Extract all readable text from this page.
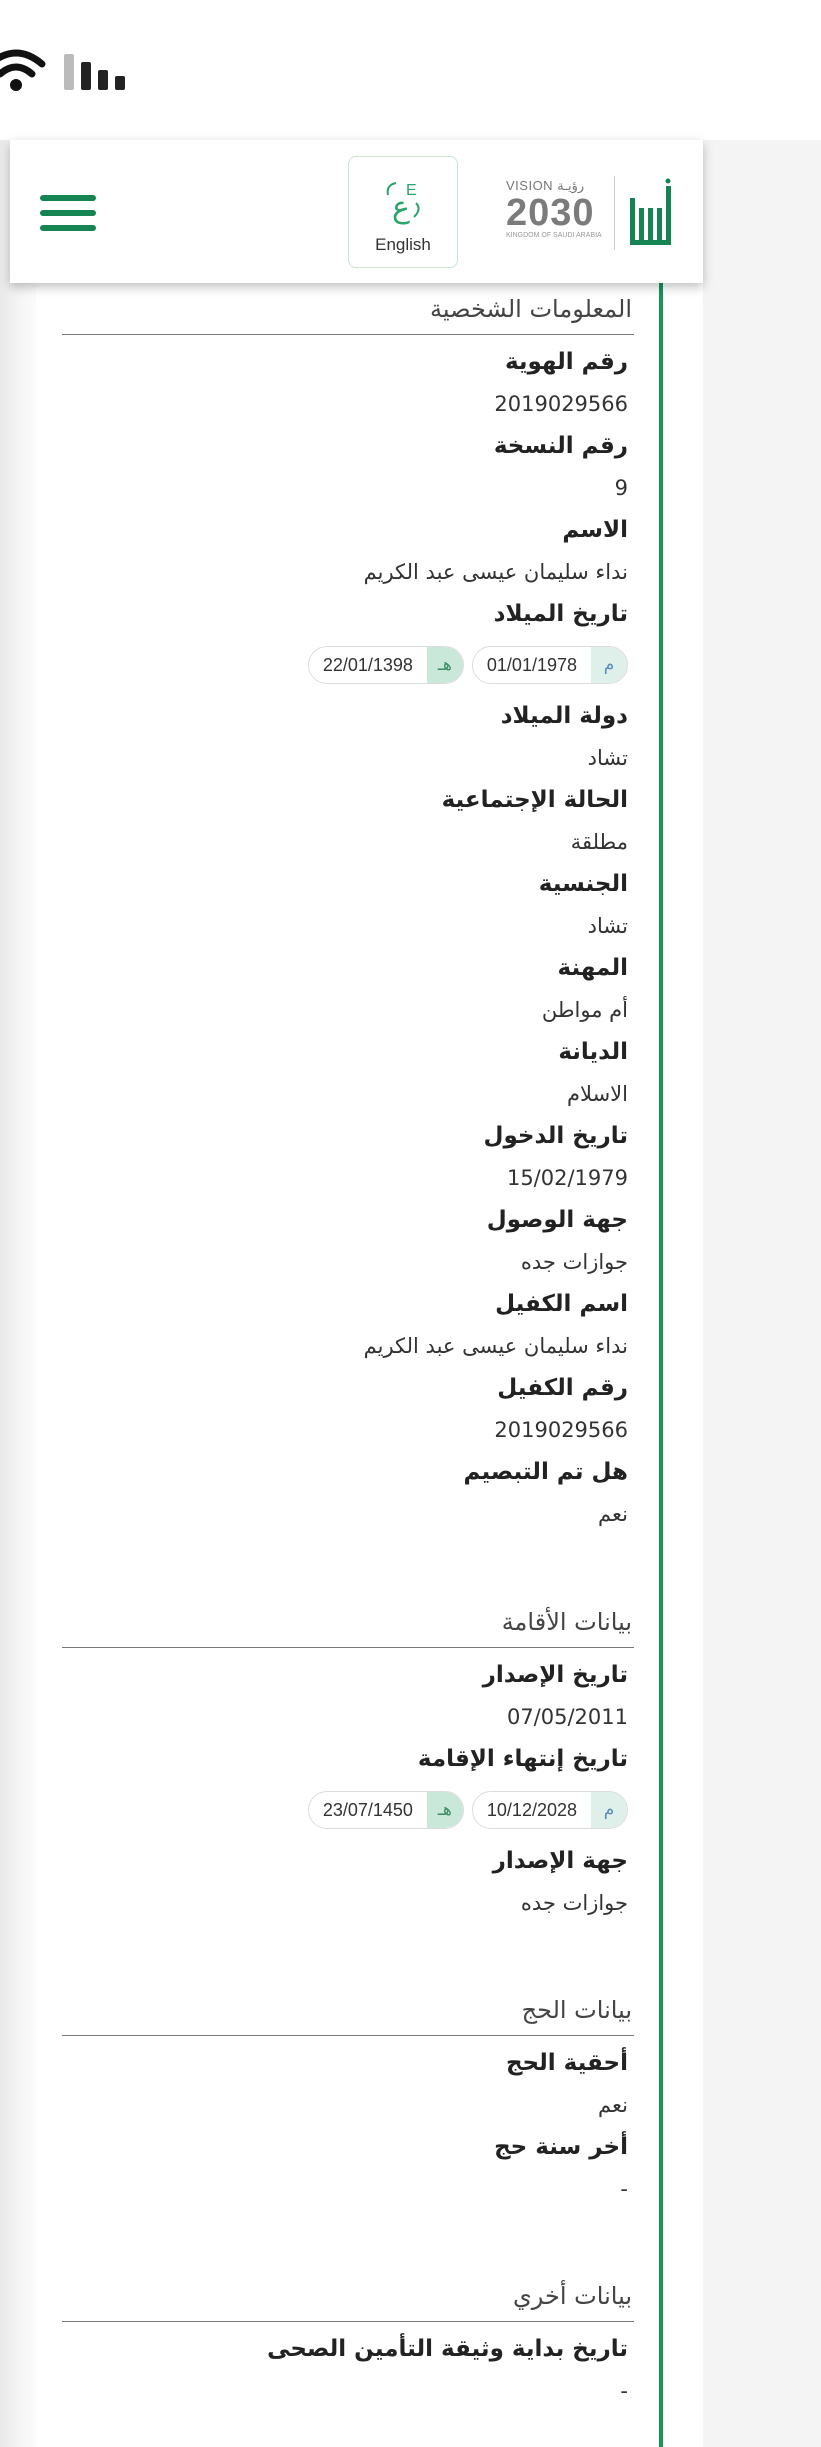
ع
E
English
VISION رؤيـة
2030
KINGDOM OF SAUDI ARABIA
المعلومات الشخصية
رقم الهوية
2019029566
رقم النسخة
9
الاسم
نداء سليمان عيسى عبد الكريم
تاريخ الميلاد
م
01/01/1978
هـ
22/01/1398
دولة الميلاد
تشاد
الحالة الإجتماعية
مطلقة
الجنسية
تشاد
المهنة
أم مواطن
الديانة
الاسلام
تاريخ الدخول
15/02/1979
جهة الوصول
جوازات جده
اسم الكفيل
نداء سليمان عيسى عبد الكريم
رقم الكفيل
2019029566
هل تم التبصيم
نعم
بيانات الأقامة
تاريخ الإصدار
07/05/2011
تاريخ إنتهاء الإقامة
م
10/12/2028
هـ
23/07/1450
جهة الإصدار
جوازات جده
بيانات الحج
أحقية الحج
نعم
أخر سنة حج
-
بيانات أخري
تاريخ بداية وثيقة التأمين الصحى
-
